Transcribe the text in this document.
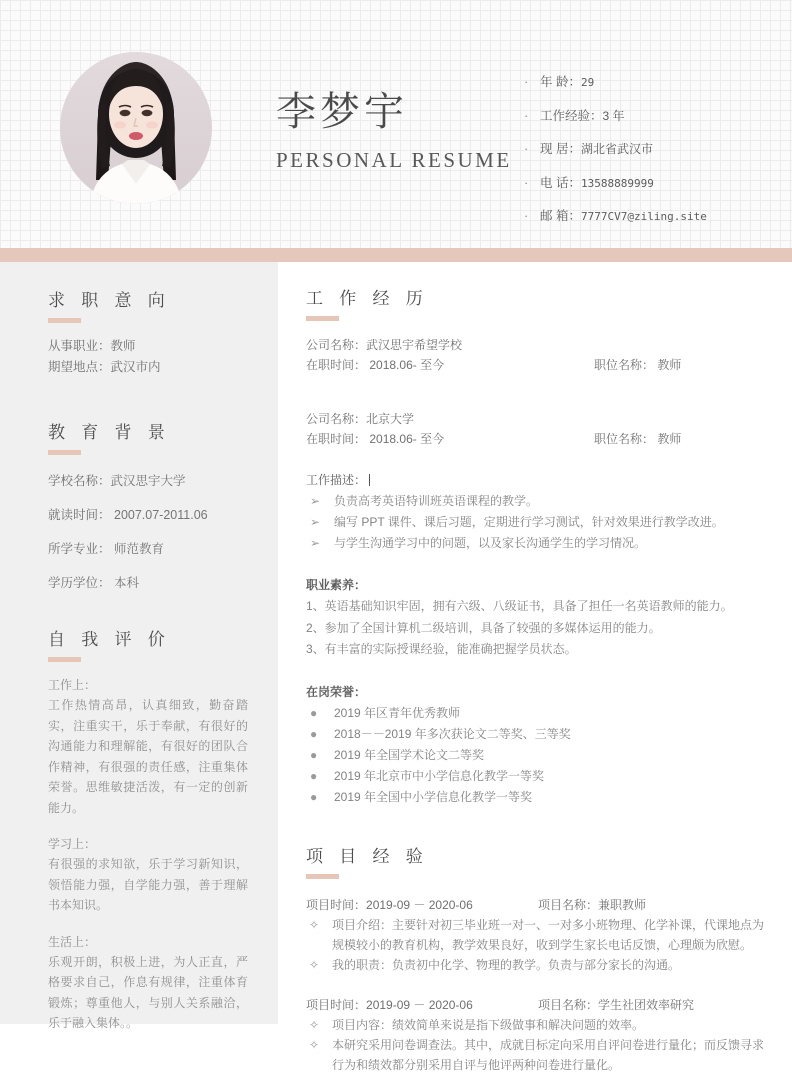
李梦宇
PERSONAL RESUME
· 年 龄： 29
· 工作经验： 3 年
· 现 居： 湖北省武汉市
· 电 话： 13588889999
· 邮 箱： 7777CV7@ziling.site
求 职 意 向
从事职业：教师
期望地点：武汉市内
教 育 背 景
学校名称：武汉思宇大学
就读时间： 2007.07-2011.06
所学专业： 师范教育
学历学位： 本科
自 我 评 价
工作上：
工作热情高昂，认真细致，勤奋踏实，注重实干，乐于奉献，有很好的沟通能力和理解能，有很好的团队合作精神，有很强的责任感，注重集体荣誉。思维敏捷活泼，有一定的创新能力。
学习上：
有很强的求知欲，乐于学习新知识，领悟能力强，自学能力强，善于理解书本知识。
生活上：
乐观开朗，积极上进，为人正直，严格要求自己，作息有规律，注重体育锻炼；尊重他人，与别人关系融洽，乐于融入集体。。
工 作 经 历
公司名称：武汉思宇希望学校
在职时间： 2018.06- 至今	职位名称： 教师
公司名称：北京大学
在职时间： 2018.06- 至今	职位名称： 教师
工作描述：
➢	负责高考英语特训班英语课程的教学。
➢	编写 PPT 课件、课后习题，定期进行学习测试，针对效果进行教学改进。
➢	与学生沟通学习中的问题，以及家长沟通学生的学习情况。
职业素养：
1、英语基础知识牢固，拥有六级、八级证书，具备了担任一名英语教师的能力。
2、参加了全国计算机二级培训，具备了较强的多媒体运用的能力。
3、有丰富的实际授课经验，能准确把握学员状态。
在岗荣誉：
●	2019 年区青年优秀教师
●	2018－－2019 年多次获论文二等奖、三等奖
●	2019 年全国学术论文二等奖
●	2019 年北京市中小学信息化教学一等奖
●	2019 年全国中小学信息化教学一等奖
项 目 经 验
项目时间：2019-09 － 2020-06	项目名称：兼职教师
✧	项目介绍：主要针对初三毕业班一对一、一对多小班物理、化学补课，代课地点为
规模较小的教育机构，教学效果良好，收到学生家长电话反馈，心理颇为欣慰。
✧	我的职责：负责初中化学、物理的教学。负责与部分家长的沟通。
项目时间：2019-09 － 2020-06	项目名称：学生社团效率研究
✧	项目内容：绩效简单来说是指下级做事和解决问题的效率。
✧	本研究采用问卷调查法。其中，成就目标定向采用自评问卷进行量化；而反馈寻求
行为和绩效都分别采用自评与他评两种问卷进行量化。
